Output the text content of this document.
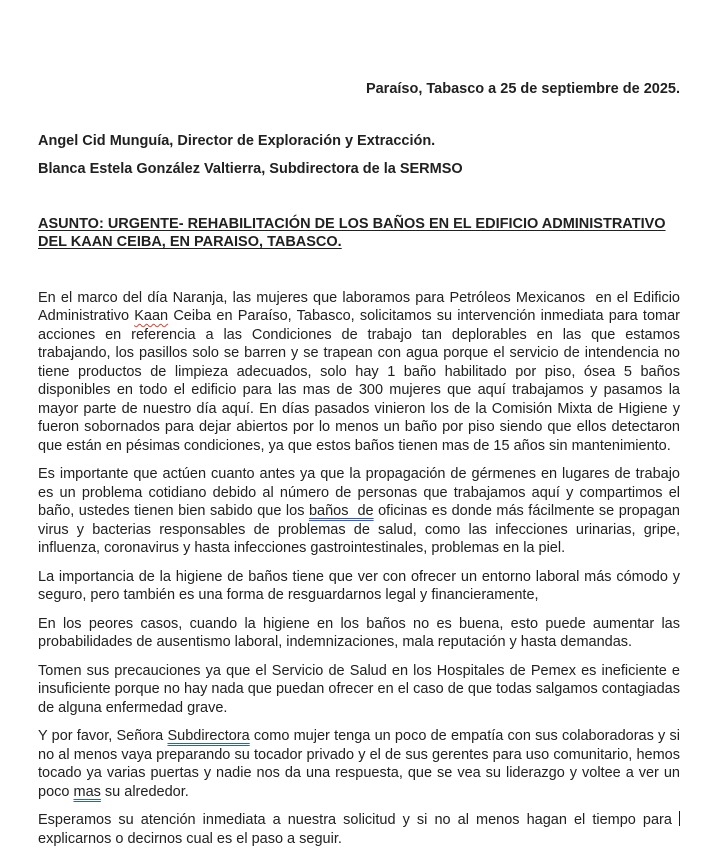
Paraíso, Tabasco a 25 de septiembre de 2025.

Angel Cid Munguía, Director de Exploración y Extracción.

Blanca Estela González Valtierra, Subdirectora de la SERMSO

ASUNTO: URGENTE- REHABILITACIÓN DE LOS BAÑOS EN EL EDIFICIO ADMINISTRATIVO DEL KAAN CEIBA, EN PARAISO, TABASCO.

En el marco del día Naranja, las mujeres que laboramos para Petróleos Mexicanos  en el Edificio Administrativo Kaan Ceiba en Paraíso, Tabasco, solicitamos su intervención inmediata para tomar acciones en referencia a las Condiciones de trabajo tan deplorables en las que estamos trabajando, los pasillos solo se barren y se trapean con agua porque el servicio de intendencia no tiene productos de limpieza adecuados, solo hay 1 baño habilitado por piso, ósea 5 baños disponibles en todo el edificio para las mas de 300 mujeres que aquí trabajamos y pasamos la mayor parte de nuestro día aquí. En días pasados vinieron los de la Comisión Mixta de Higiene y fueron sobornados para dejar abiertos por lo menos un baño por piso siendo que ellos detectaron que están en pésimas condiciones, ya que estos baños tienen mas de 15 años sin mantenimiento.

Es importante que actúen cuanto antes ya que la propagación de gérmenes en lugares de trabajo es un problema cotidiano debido al número de personas que trabajamos aquí y compartimos el baño, ustedes tienen bien sabido que los baños  de oficinas es donde más fácilmente se propagan virus y bacterias responsables de problemas de salud, como las infecciones urinarias, gripe, influenza, coronavirus y hasta infecciones gastrointestinales, problemas en la piel.

La importancia de la higiene de baños tiene que ver con ofrecer un entorno laboral más cómodo y seguro, pero también es una forma de resguardarnos legal y financieramente,

En los peores casos, cuando la higiene en los baños no es buena, esto puede aumentar las probabilidades de ausentismo laboral, indemnizaciones, mala reputación y hasta demandas.

Tomen sus precauciones ya que el Servicio de Salud en los Hospitales de Pemex es ineficiente e insuficiente porque no hay nada que puedan ofrecer en el caso de que todas salgamos contagiadas de alguna enfermedad grave.

Y por favor, Señora Subdirectora como mujer tenga un poco de empatía con sus colaboradoras y si no al menos vaya preparando su tocador privado y el de sus gerentes para uso comunitario, hemos tocado ya varias puertas y nadie nos da una respuesta, que se vea su liderazgo y voltee a ver un poco mas su alrededor.

Esperamos su atención inmediata a nuestra solicitud y si no al menos hagan el tiempo para explicarnos o decirnos cual es el paso a seguir.
